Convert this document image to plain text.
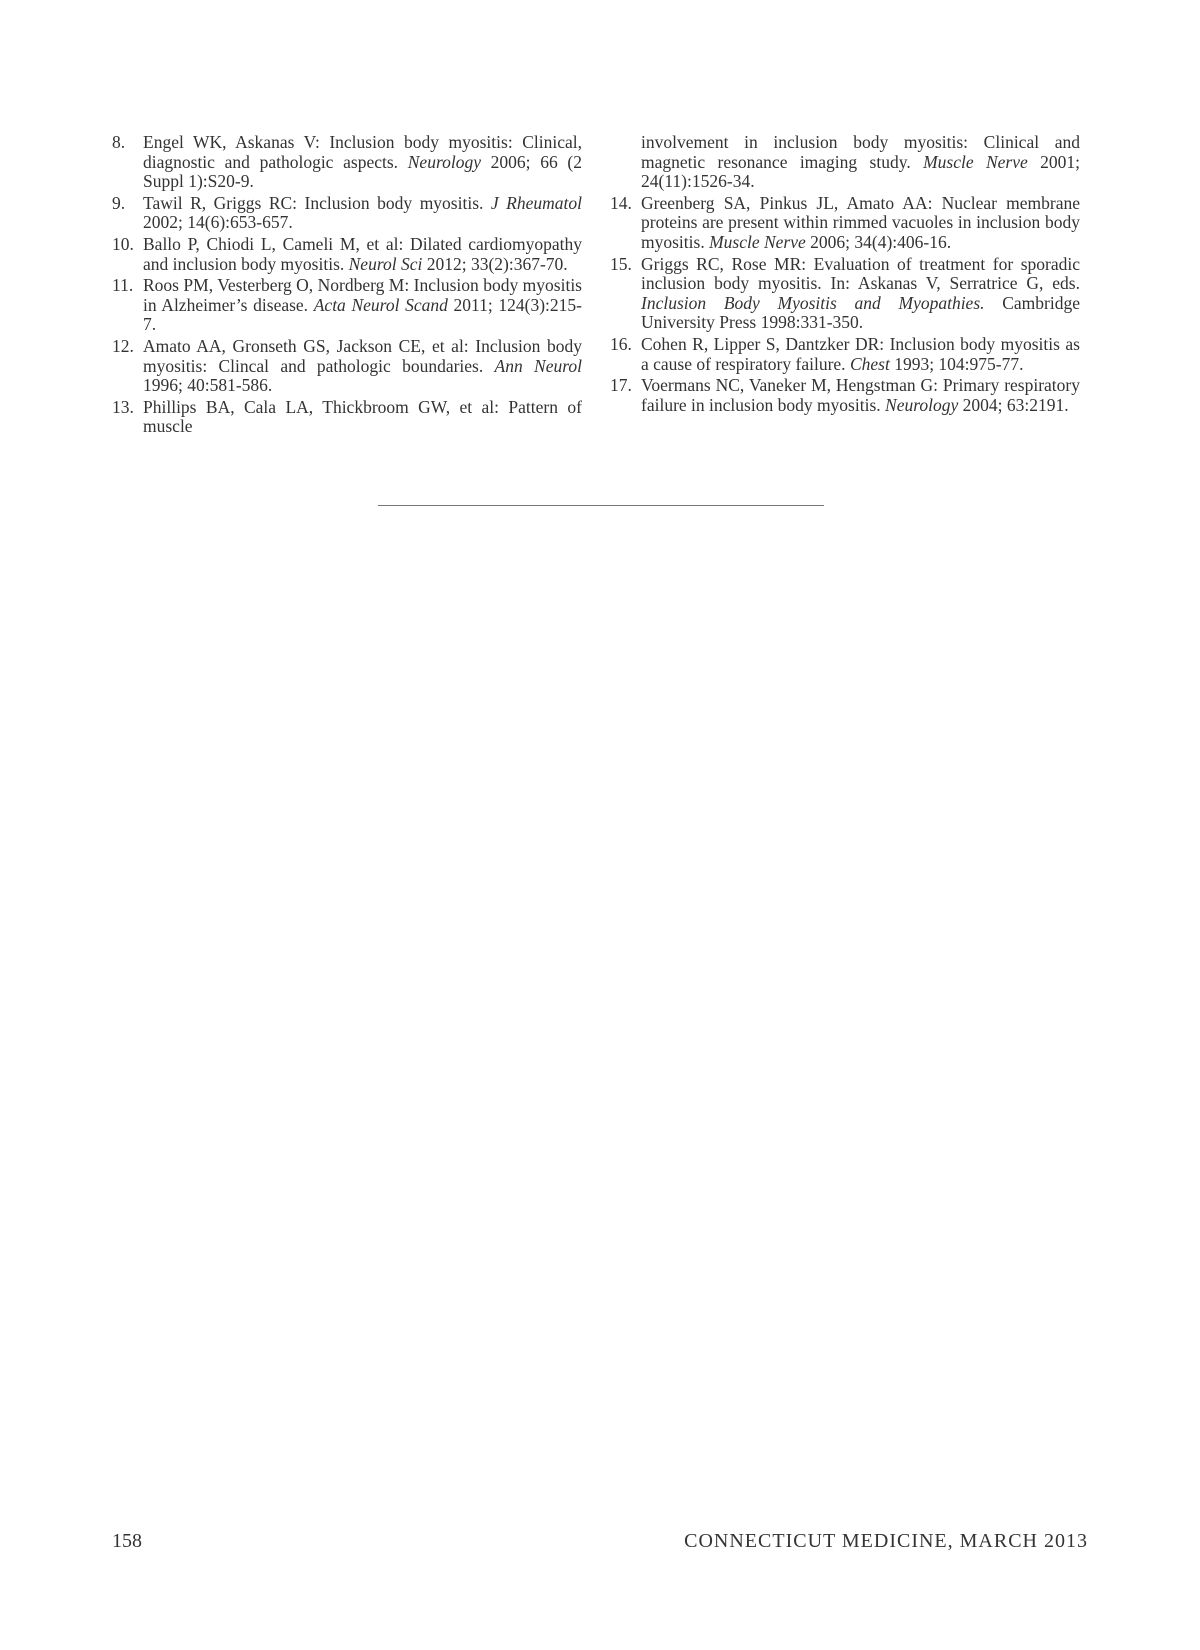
8. Engel WK, Askanas V: Inclusion body myositis: Clinical, diagnostic and pathologic aspects. Neurology 2006; 66 (2 Suppl 1):S20-9.
9. Tawil R, Griggs RC: Inclusion body myositis. J Rheumatol 2002; 14(6):653-657.
10. Ballo P, Chiodi L, Cameli M, et al: Dilated cardiomyopathy and inclusion body myositis. Neurol Sci 2012; 33(2):367-70.
11. Roos PM, Vesterberg O, Nordberg M: Inclusion body myositis in Alzheimer’s disease. Acta Neurol Scand 2011; 124(3):215-7.
12. Amato AA, Gronseth GS, Jackson CE, et al: Inclusion body myositis: Clincal and pathologic boundaries. Ann Neurol 1996; 40:581-586.
13. Phillips BA, Cala LA, Thickbroom GW, et al: Pattern of muscle
involvement in inclusion body myositis: Clinical and magnetic resonance imaging study. Muscle Nerve 2001; 24(11):1526-34.
14. Greenberg SA, Pinkus JL, Amato AA: Nuclear membrane proteins are present within rimmed vacuoles in inclusion body myositis. Muscle Nerve 2006; 34(4):406-16.
15. Griggs RC, Rose MR: Evaluation of treatment for sporadic inclusion body myositis. In: Askanas V, Serratrice G, eds. Inclusion Body Myositis and Myopathies. Cambridge University Press 1998:331-350.
16. Cohen R, Lipper S, Dantzker DR: Inclusion body myositis as a cause of respiratory failure. Chest 1993; 104:975-77.
17. Voermans NC, Vaneker M, Hengstman G: Primary respiratory failure in inclusion body myositis. Neurology 2004; 63:2191.
158	CONNECTICUT MEDICINE, MARCH 2013
